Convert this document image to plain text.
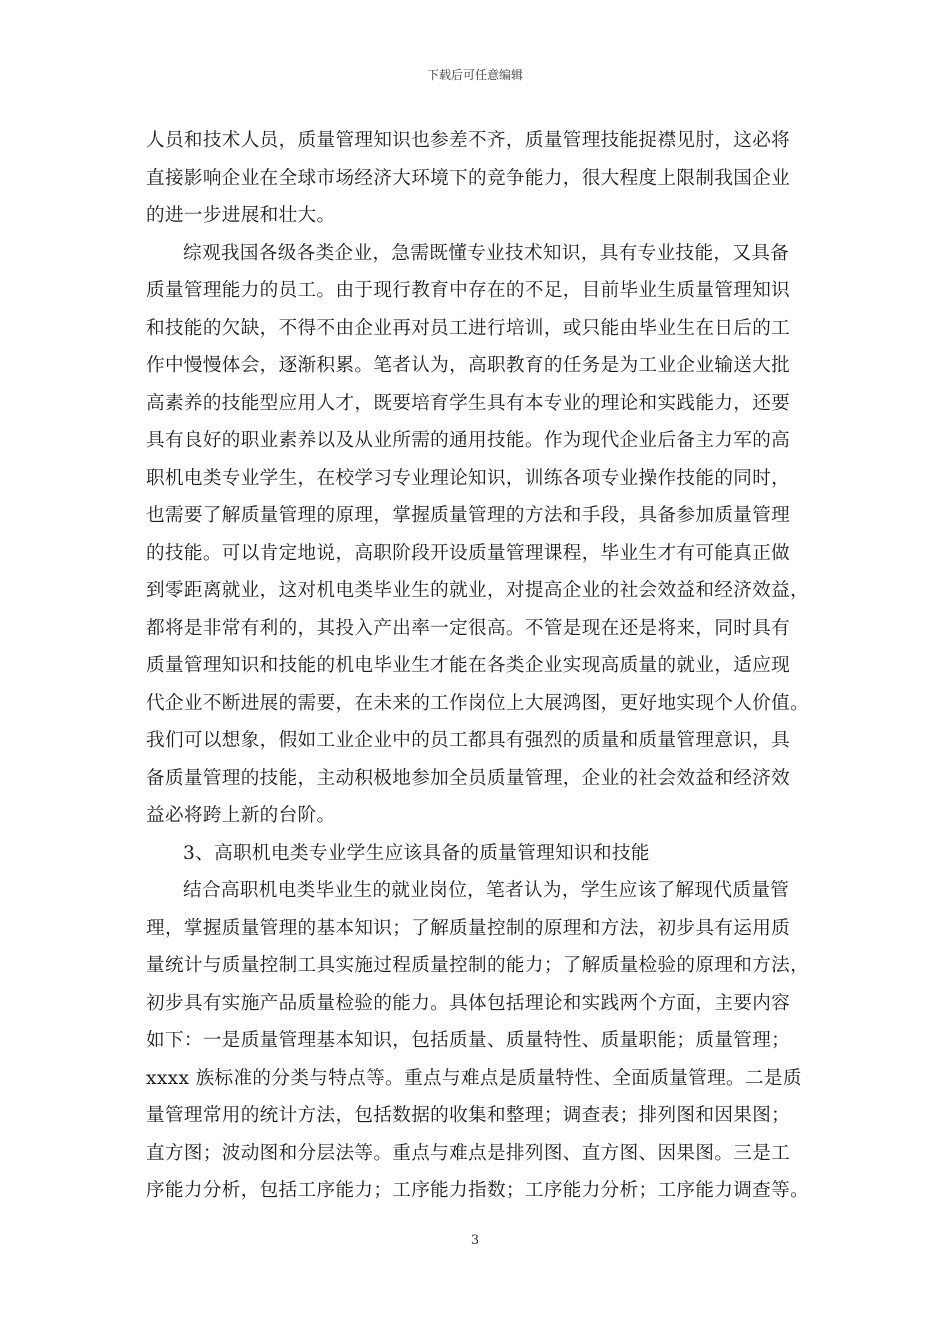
下载后可任意编辑
人员和技术人员，质量管理知识也参差不齐，质量管理技能捉襟见肘，这必将
直接影响企业在全球市场经济大环境下的竞争能力，很大程度上限制我国企业
的进一步进展和壮大。
综观我国各级各类企业，急需既懂专业技术知识，具有专业技能，又具备
质量管理能力的员工。由于现行教育中存在的不足，目前毕业生质量管理知识
和技能的欠缺，不得不由企业再对员工进行培训，或只能由毕业生在日后的工
作中慢慢体会，逐渐积累。笔者认为，高职教育的任务是为工业企业输送大批
高素养的技能型应用人才，既要培育学生具有本专业的理论和实践能力，还要
具有良好的职业素养以及从业所需的通用技能。作为现代企业后备主力军的高
职机电类专业学生，在校学习专业理论知识，训练各项专业操作技能的同时，
也需要了解质量管理的原理，掌握质量管理的方法和手段，具备参加质量管理
的技能。可以肯定地说，高职阶段开设质量管理课程，毕业生才有可能真正做
到零距离就业，这对机电类毕业生的就业，对提高企业的社会效益和经济效益，
都将是非常有利的，其投入产出率一定很高。不管是现在还是将来，同时具有
质量管理知识和技能的机电毕业生才能在各类企业实现高质量的就业，适应现
代企业不断进展的需要，在未来的工作岗位上大展鸿图，更好地实现个人价值。
我们可以想象，假如工业企业中的员工都具有强烈的质量和质量管理意识，具
备质量管理的技能，主动积极地参加全员质量管理，企业的社会效益和经济效
益必将跨上新的台阶。
3、高职机电类专业学生应该具备的质量管理知识和技能
结合高职机电类毕业生的就业岗位，笔者认为，学生应该了解现代质量管
理，掌握质量管理的基本知识；了解质量控制的原理和方法，初步具有运用质
量统计与质量控制工具实施过程质量控制的能力；了解质量检验的原理和方法，
初步具有实施产品质量检验的能力。具体包括理论和实践两个方面，主要内容
如下：一是质量管理基本知识，包括质量、质量特性、质量职能；质量管理；
xxxx 族标准的分类与特点等。重点与难点是质量特性、全面质量管理。二是质
量管理常用的统计方法，包括数据的收集和整理；调查表；排列图和因果图；
直方图；波动图和分层法等。重点与难点是排列图、直方图、因果图。三是工
序能力分析，包括工序能力；工序能力指数；工序能力分析；工序能力调查等。
3
